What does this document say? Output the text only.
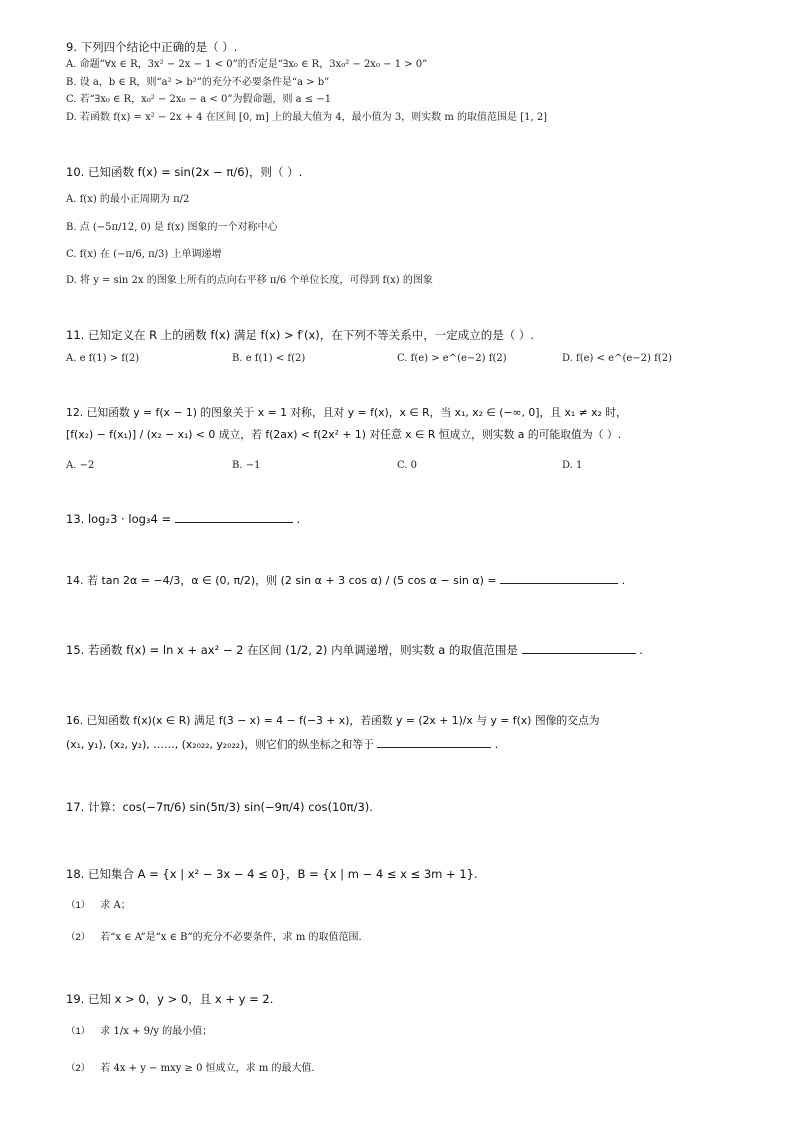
9. 下列四个结论中正确的是（ ）.
A. 命题“∀x ∈ R，3x² − 2x − 1 < 0”的否定是“∃x₀ ∈ R，3x₀² − 2x₀ − 1 > 0”
B. 设 a，b ∈ R，则“a² > b²”的充分不必要条件是“a > b”
C. 若“∃x₀ ∈ R，x₀² − 2x₀ − a < 0”为假命题，则 a ≤ −1
D. 若函数 f(x) = x² − 2x + 4 在区间 [0, m] 上的最大值为 4，最小值为 3，则实数 m 的取值范围是 [1, 2]
10. 已知函数 f(x) = sin(2x − π/6)，则（ ）.
A. f(x) 的最小正周期为 π/2
B. 点 (−5π/12, 0) 是 f(x) 图象的一个对称中心
C. f(x) 在 (−π/6, π/3) 上单调递增
D. 将 y = sin 2x 的图象上所有的点向右平移 π/6 个单位长度，可得到 f(x) 的图象
11. 已知定义在 R 上的函数 f(x) 满足 f(x) > f′(x)，在下列不等关系中，一定成立的是（ ）.
A. e f(1) > f(2)	B. e f(1) < f(2)	C. f(e) > e^(e−2) f(2)	D. f(e) < e^(e−2) f(2)
12. 已知函数 y = f(x − 1) 的图象关于 x = 1 对称，且对 y = f(x)，x ∈ R，当 x₁, x₂ ∈ (−∞, 0]，且 x₁ ≠ x₂ 时，
[f(x₂) − f(x₁)] / (x₂ − x₁) < 0 成立，若 f(2ax) < f(2x² + 1) 对任意 x ∈ R 恒成立，则实数 a 的可能取值为（ ）.
A. −2	B. −1	C. 0	D. 1
13. log₂3 · log₃4 =	.
14. 若 tan 2α = −4/3，α ∈ (0, π/2)，则 (2 sin α + 3 cos α) / (5 cos α − sin α) =	.
15. 若函数 f(x) = ln x + ax² − 2 在区间 (1/2, 2) 内单调递增，则实数 a 的取值范围是	.
16. 已知函数 f(x)(x ∈ R) 满足 f(3 − x) = 4 − f(−3 + x)，若函数 y = (2x + 1)/x 与 y = f(x) 图像的交点为
(x₁, y₁), (x₂, y₂), ……, (x₂₀₂₂, y₂₀₂₂)，则它们的纵坐标之和等于	.
17. 计算：cos(−7π/6) sin(5π/3) sin(−9π/4) cos(10π/3).
18. 已知集合 A = {x | x² − 3x − 4 ≤ 0}，B = {x | m − 4 ≤ x ≤ 3m + 1}.
（1） 求 A；
（2） 若“x ∈ A”是“x ∈ B”的充分不必要条件，求 m 的取值范围.
19. 已知 x > 0，y > 0，且 x + y = 2.
（1） 求 1/x + 9/y 的最小值；
（2） 若 4x + y − mxy ≥ 0 恒成立，求 m 的最大值.
